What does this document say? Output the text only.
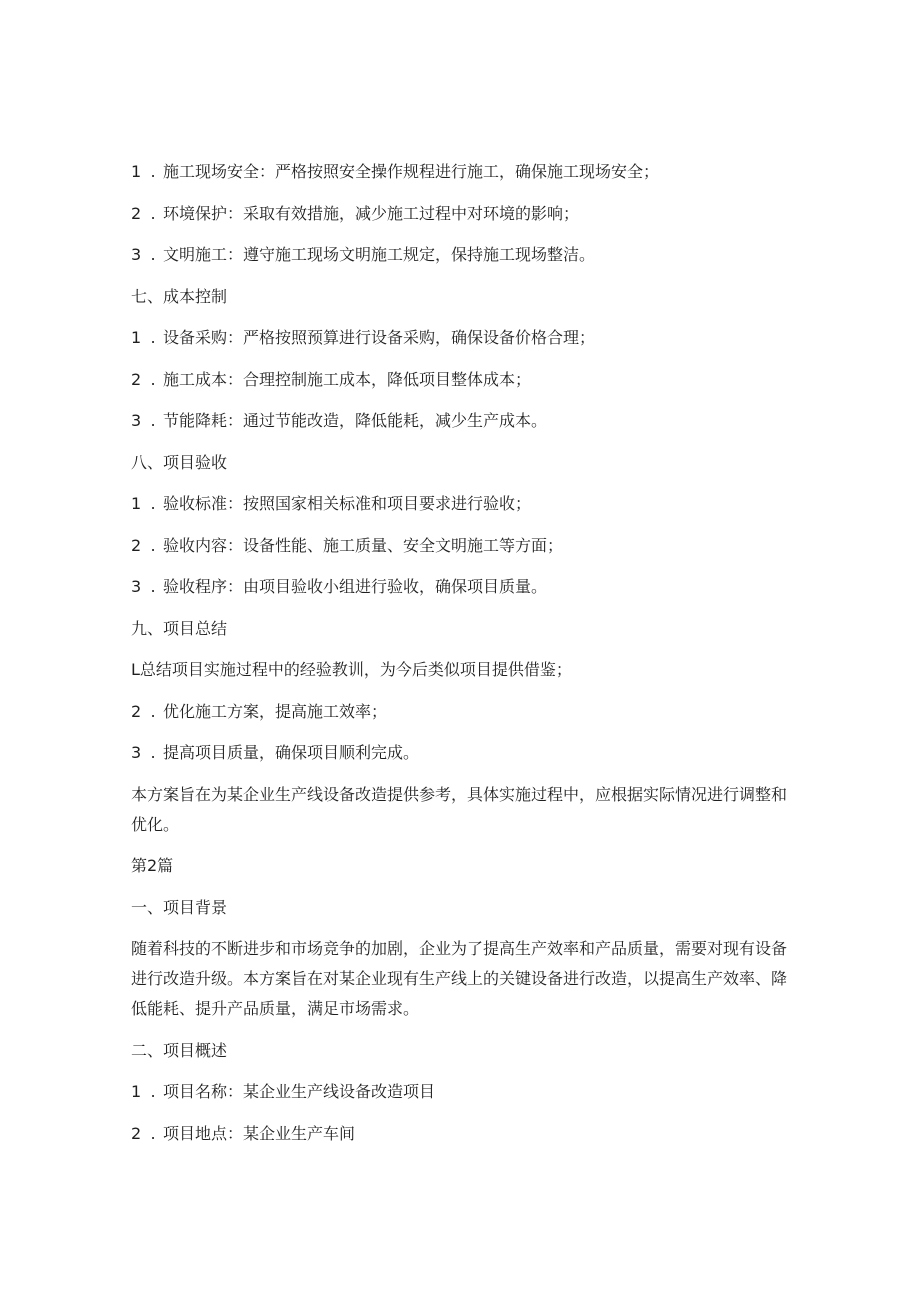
1 . 施工现场安全：严格按照安全操作规程进行施工，确保施工现场安全；

2 . 环境保护：采取有效措施，减少施工过程中对环境的影响；

3 . 文明施工：遵守施工现场文明施工规定，保持施工现场整洁。

七、成本控制

1 . 设备采购：严格按照预算进行设备采购，确保设备价格合理；

2 . 施工成本：合理控制施工成本，降低项目整体成本；

3 . 节能降耗：通过节能改造，降低能耗，减少生产成本。

八、项目验收

1 . 验收标准：按照国家相关标准和项目要求进行验收；

2 . 验收内容：设备性能、施工质量、安全文明施工等方面；

3 . 验收程序：由项目验收小组进行验收，确保项目质量。

九、项目总结

L总结项目实施过程中的经验教训，为今后类似项目提供借鉴；

2 . 优化施工方案，提高施工效率；

3 . 提高项目质量，确保项目顺利完成。

本方案旨在为某企业生产线设备改造提供参考，具体实施过程中，应根据实际情况进行调整和优化。

第2篇

一、项目背景

随着科技的不断进步和市场竞争的加剧，企业为了提高生产效率和产品质量，需要对现有设备进行改造升级。本方案旨在对某企业现有生产线上的关键设备进行改造，以提高生产效率、降低能耗、提升产品质量，满足市场需求。

二、项目概述

1 . 项目名称：某企业生产线设备改造项目

2 . 项目地点：某企业生产车间
